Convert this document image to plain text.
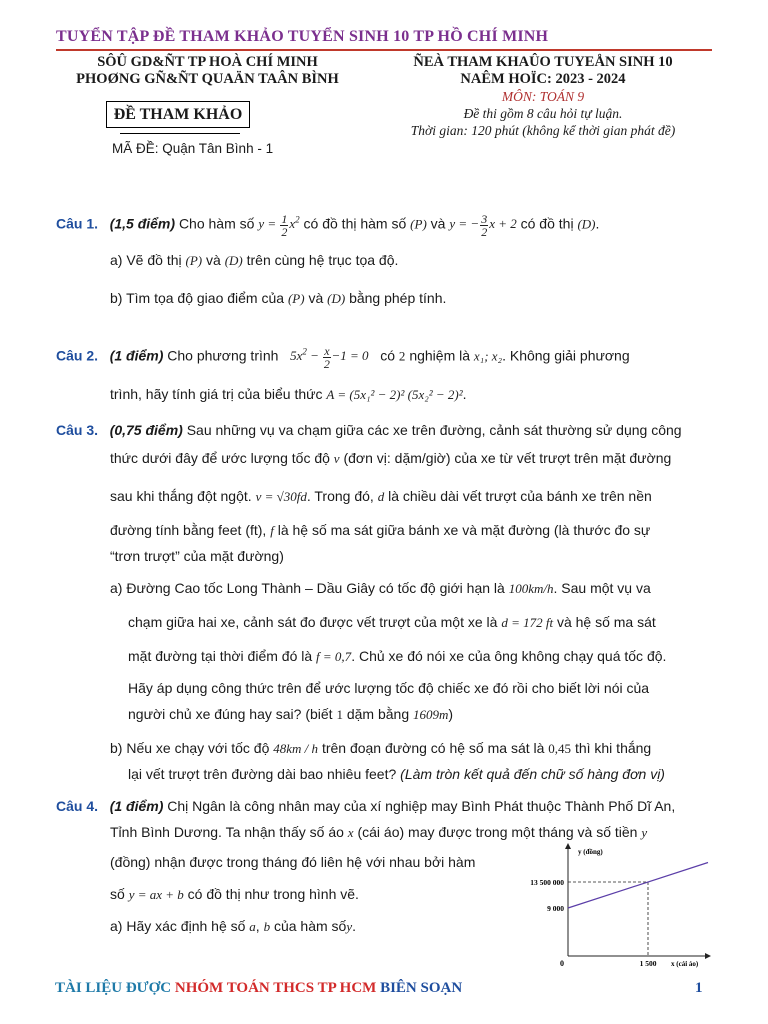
TUYỂN TẬP ĐỀ THAM KHẢO TUYỂN SINH 10 TP HỒ CHÍ MINH
SÔÛ GD&ÑT TP HOÀ CHÍ MINH
PHOØNG GÑ&ÑT QUAÄN TAÂN BÌNH
ÑEÀ THAM KHAÛO TUYEÅN SINH 10
NAÊM HOÏC: 2023 - 2024
MÔN: TOÁN 9
Đề thi gồm 8 câu hỏi tự luận.
Thời gian: 120 phút (không kể thời gian phát đề)
ĐỀ THAM KHẢO
MÃ ĐỀ: Quận Tân Bình - 1
Câu 1. (1,5 điểm) Cho hàm số $y = \frac{1}{2} x^2$ có đồ thị hàm số (P) và y = − $\frac{3}{2}$ x + 2 có đồ thị (D).
a) Vẽ đồ thị (P) và (D) trên cùng hệ trục tọa độ.
b) Tìm tọa độ giao điểm của (P) và (D) bằng phép tính.
Câu 2. (1 điểm) Cho phương trình $5x^2 - \frac{x}{2} -1 = 0$ có 2 nghiệm là x₁; x₂. Không giải phương
trình, hãy tính giá trị của biểu thức A = (5x₁² − 2)² (5x₂² − 2)².
Câu 3. (0,75 điểm) Sau những vụ va chạm giữa các xe trên đường, cảnh sát thường sử dụng công
thức dưới đây để ước lượng tốc độ v (đơn vị: dặm/giờ) của xe từ vết trượt trên mặt đường
sau khi thắng đột ngột. v = √30fd. Trong đó, d là chiều dài vết trượt của bánh xe trên nền
đường tính bằng feet (ft), f là hệ số ma sát giữa bánh xe và mặt đường (là thước đo sự
“trơn trượt” của mặt đường)
a) Đường Cao tốc Long Thành – Dầu Giây có tốc độ giới hạn là 100km/h. Sau một vụ va
chạm giữa hai xe, cảnh sát đo được vết trượt của một xe là d = 172 ft và hệ số ma sát
mặt đường tại thời điểm đó là f = 0,7. Chủ xe đó nói xe của ông không chạy quá tốc độ.
Hãy áp dụng công thức trên để ước lượng tốc độ chiếc xe đó rồi cho biết lời nói của
người chủ xe đúng hay sai? (biết 1 dặm bằng 1609m)
b) Nếu xe chạy với tốc độ 48km / h trên đoạn đường có hệ số ma sát là 0,45 thì khi thắng
lại vết trượt trên đường dài bao nhiêu feet? (Làm tròn kết quả đến chữ số hàng đơn vị)
Câu 4. (1 điểm) Chị Ngân là công nhân may của xí nghiệp may Bình Phát thuộc Thành Phố Dĩ An,
Tỉnh Bình Dương. Ta nhận thấy số áo x (cái áo) may được trong một tháng và số tiền y
(đồng) nhận được trong tháng đó liên hệ với nhau bởi hàm
số y = ax + b có đồ thị như trong hình vẽ.
a) Hãy xác định hệ số a, b của hàm sốy.
y (đồng)
x (cái áo)
0
13 500 000
9 000
1 500
TÀI LIỆU ĐƯỢC NHÓM TOÁN THCS TP HCM BIÊN SOẠN	1
